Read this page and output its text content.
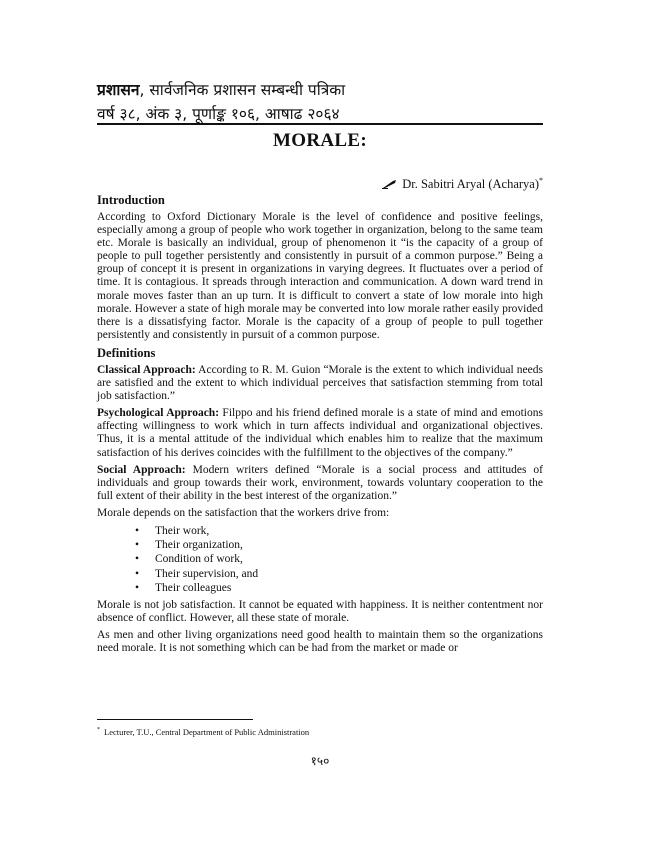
प्रशासन, सार्वजनिक प्रशासन सम्बन्धी पत्रिका
वर्ष ३८, अंक ३, पूर्णाङ्क १०६, आषाढ २०६४
MORALE:
Dr. Sabitri Aryal (Acharya)*
Introduction

According to Oxford Dictionary Morale is the level of confidence and positive feelings, especially among a group of people who work together in organization, belong to the same team etc. Morale is basically an individual, group of phenomenon it “is the capacity of a group of people to pull together persistently and consistently in pursuit of a common purpose.” Being a group of concept it is present in organizations in varying degrees. It fluctuates over a period of time. It is contagious. It spreads through interaction and communication. A down ward trend in morale moves faster than an up turn. It is difficult to convert a state of low morale into high morale. However a state of high morale may be converted into low morale rather easily provided there is a dissatisfying factor. Morale is the capacity of a group of people to pull together persistently and consistently in pursuit of a common purpose.

Definitions

Classical Approach: According to R. M. Guion “Morale is the extent to which individual needs are satisfied and the extent to which individual perceives that satisfaction stemming from total job satisfaction.”

Psychological Approach: Filppo and his friend defined morale is a state of mind and emotions affecting willingness to work which in turn affects individual and organizational objectives. Thus, it is a mental attitude of the individual which enables him to realize that the maximum satisfaction of his derives coincides with the fulfillment to the objectives of the company.”

Social Approach: Modern writers defined “Morale is a social process and attitudes of individuals and group towards their work, environment, towards voluntary cooperation to the full extent of their ability in the best interest of the organization.”

Morale depends on the satisfaction that the workers drive from:

• Their work,
• Their organization,
• Condition of work,
• Their supervision, and
• Their colleagues

Morale is not job satisfaction. It cannot be equated with happiness. It is neither contentment nor absence of conflict. However, all these state of morale.

As men and other living organizations need good health to maintain them so the organizations need morale. It is not something which can be had from the market or made or

* Lecturer, T.U., Central Department of Public Administration
१५०
